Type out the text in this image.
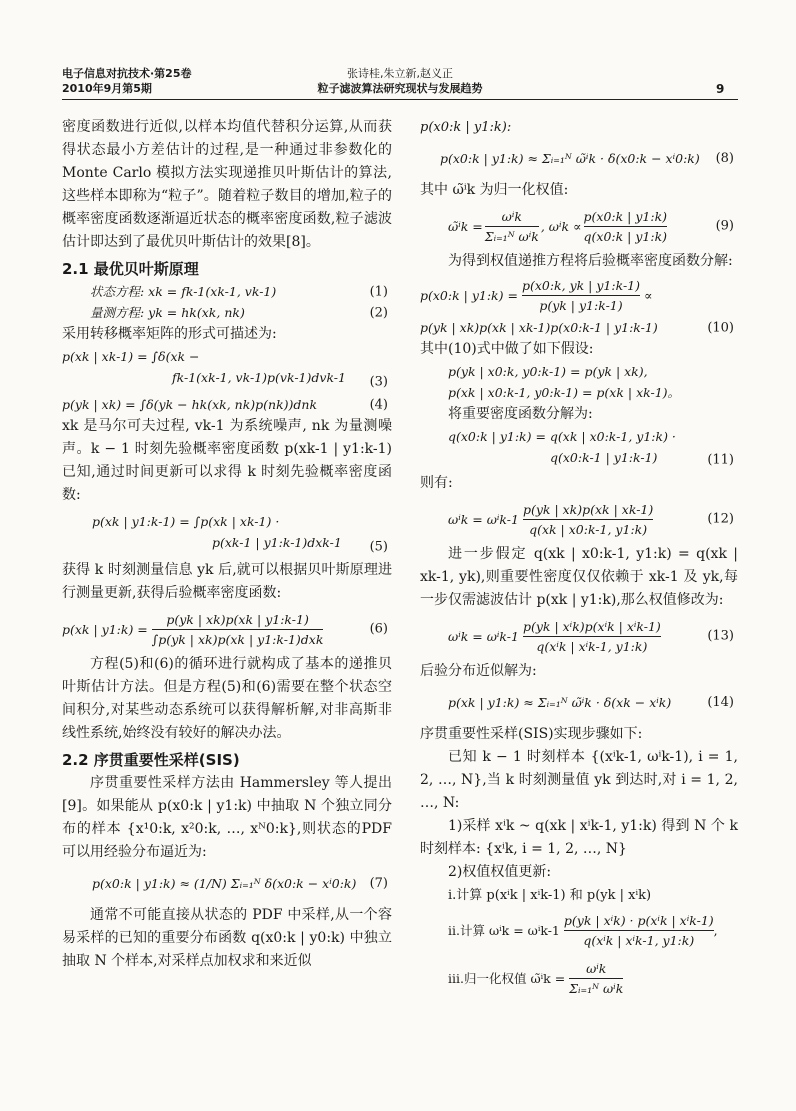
电子信息对抗技术·第25卷
2010年9月第5期
张诗桂,朱立新,赵义正
粒子滤波算法研究现状与发展趋势	9

密度函数进行近似,以样本均值代替积分运算,从而获得状态最小方差估计的过程,是一种通过非参数化的 Monte Carlo 模拟方法实现递推贝叶斯估计的算法,这些样本即称为“粒子”。随着粒子数目的增加,粒子的概率密度函数逐渐逼近状态的概率密度函数,粒子滤波估计即达到了最优贝叶斯估计的效果[8]。

2.1 最优贝叶斯原理
状态方程: xk = fk-1(xk-1, vk-1)	(1)
量测方程: yk = hk(xk, nk)	(2)

采用转移概率矩阵的形式可描述为:

p(xk | xk-1) = ∫δ(xk −
fk-1(xk-1, vk-1)p(vk-1)dvk-1	(3)
p(yk | xk) = ∫δ(yk − hk(xk, nk)p(nk))dnk	(4)

xk 是马尔可夫过程, vk-1 为系统噪声, nk 为量测噪声。k − 1 时刻先验概率密度函数 p(xk-1 | y1:k-1) 已知,通过时间更新可以求得 k 时刻先验概率密度函数:

p(xk | y1:k-1) = ∫p(xk | xk-1) ·
p(xk-1 | y1:k-1)dxk-1	(5)

获得 k 时刻测量信息 yk 后,就可以根据贝叶斯原理进行测量更新,获得后验概率密度函数:

p(xk | y1:k) =
p(yk | xk)p(xk | y1:k-1)
∫p(yk | xk)p(xk | y1:k-1)dxk
(6)

方程(5)和(6)的循环进行就构成了基本的递推贝叶斯估计方法。但是方程(5)和(6)需要在整个状态空间积分,对某些动态系统可以获得解析解,对非高斯非线性系统,始终没有较好的解决办法。

2.2 序贯重要性采样(SIS)

序贯重要性采样方法由 Hammersley 等人提出[9]。如果能从 p(x0:k | y1:k) 中抽取 N 个独立同分布的样本 {x¹0:k, x²0:k, …, xᴺ0:k},则状态的PDF可以用经验分布逼近为:

p(x0:k | y1:k) ≈ (1/N) Σᵢ₌₁ᴺ δ(x0:k − xⁱ0:k) (7)

通常不可能直接从状态的 PDF 中采样,从一个容易采样的已知的重要分布函数 q(x0:k | y0:k) 中独立抽取 N 个样本,对采样点加权求和来近似

p(x0:k | y1:k):

p(x0:k | y1:k) ≈ Σᵢ₌₁ᴺ ω̃ⁱk · δ(x0:k − xⁱ0:k) (8)

其中 ω̃ⁱk 为归一化权值:

ω̃ⁱk =
ωⁱk
Σᵢ₌₁ᴺ ωⁱk
, $\omega^ik \propto \frac{p(x0:k | y1:k)}{q(x0:k | y1:k)}$	(9)

为得到权值递推方程将后验概率密度函数分解:

p(x0:k | y1:k) = $\frac{p(x0:k, yk | y1:k-1)}{p(yk | y1:k-1)}$ ∝
p(yk | xk)p(xk | xk-1)p(x0:k-1 | y1:k-1)	(10)

其中(10)式中做了如下假设:

p(yk | x0:k, y0:k-1) = p(yk | xk),
p(xk | x0:k-1, y0:k-1) = p(xk | xk-1)。

将重要密度函数分解为:

q(x0:k | y1:k) = q(xk | x0:k-1, y1:k) ·
q(x0:k-1 | y1:k-1)	(11)

则有:

$\omega^ik = \omega^ik-1 \frac{p(yk | xk)p(xk | xk-1)}{q(xk | x0:k-1, y1:k)}$	(12)

进一步假定 q(xk | x0:k-1, y1:k) = q(xk | xk-1, yk),则重要性密度仅仅依赖于 xk-1 及 yk,每一步仅需滤波估计 p(xk | y1:k),那么权值修改为:

ωⁱk = ωⁱk-1
p(yk | xⁱk)p(xⁱk | xⁱk-1)
q(xⁱk | xⁱk-1, y1:k)
(13)

后验分布近似解为:

p(xk | y1:k) ≈ Σᵢ₌₁ᴺ ω̃ⁱk · δ(xk − xⁱk)	(14)

序贯重要性采样(SIS)实现步骤如下:

已知 k − 1 时刻样本 {(xⁱk-1, ωⁱk-1), i = 1, 2, …, N},当 k 时刻测量值 yk 到达时,对 i = 1, 2, …, N:

1)采样 xⁱk ~ q(xk | xⁱk-1, y1:k) 得到 N 个 k 时刻样本: {xⁱk, i = 1, 2, …, N}

2)权值权值更新:

ⅰ.计算 p(xⁱk | xⁱk-1) 和 p(yk | xⁱk)

ⅱ.计算 ωⁱk = ωⁱk-1
p(yk | xⁱk) · p(xⁱk | xⁱk-1)
q(xⁱk | xⁱk-1, y1:k)
,
ⅲ.归一化权值 ω̃ⁱk =
ωⁱk
Σᵢ₌₁ᴺ ωⁱk
